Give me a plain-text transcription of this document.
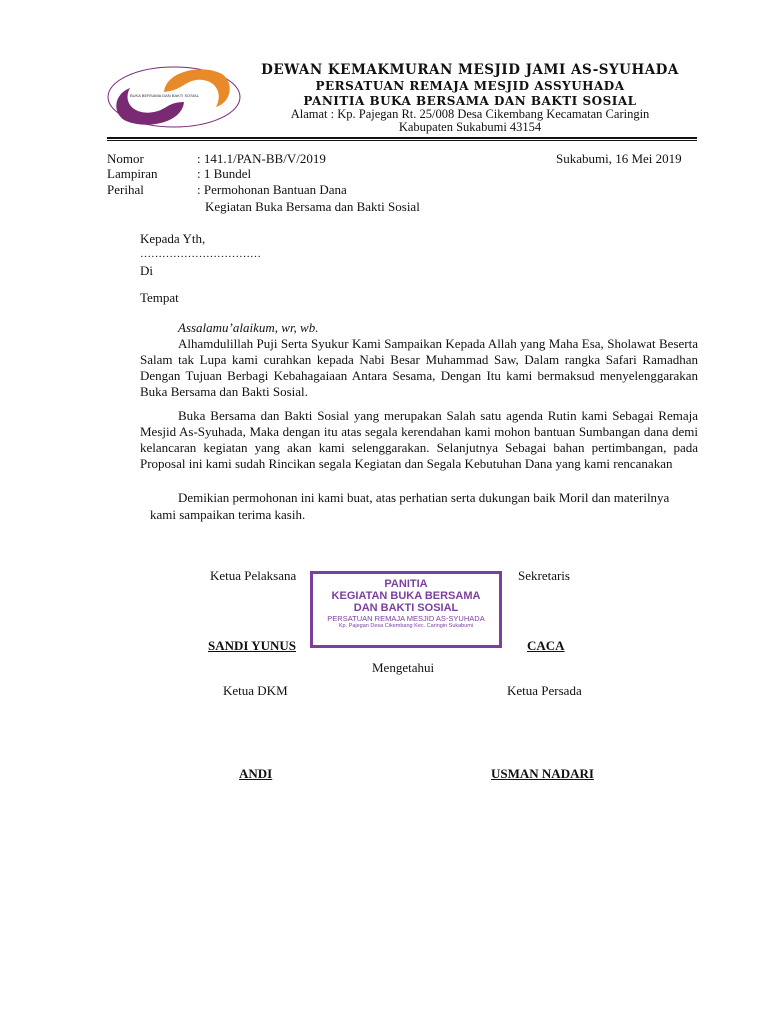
BUKA BERSAMA DAN BAKTI SOSIAL
DEWAN KEMAKMURAN MESJID JAMI AS-SYUHADA
PERSATUAN REMAJA MESJID ASSYUHADA
PANITIA BUKA BERSAMA DAN BAKTI SOSIAL
Alamat : Kp. Pajegan Rt. 25/008 Desa Cikembang Kecamatan Caringin
Kabupaten Sukabumi 43154
Nomor	: 141.1/PAN-BB/V/2019	Sukabumi, 16 Mei 2019
Lampiran	: 1 Bundel
Perihal	: Permohonan Bantuan Dana
Kegiatan Buka Bersama dan Bakti Sosial
Kepada Yth,
……………………………
Di
Tempat
Assalamu’alaikum, wr, wb.
Alhamdulillah Puji Serta Syukur Kami Sampaikan Kepada Allah yang Maha Esa, Sholawat Beserta Salam tak Lupa kami curahkan kepada Nabi Besar Muhammad Saw, Dalam rangka Safari Ramadhan Dengan Tujuan Berbagi Kebahagaiaan Antara Sesama, Dengan Itu kami bermaksud menyelenggarakan Buka Bersama dan Bakti Sosial.
Buka Bersama dan Bakti Sosial yang merupakan Salah satu agenda Rutin kami Sebagai Remaja Mesjid As-Syuhada, Maka dengan itu atas segala kerendahan kami mohon bantuan Sumbangan dana demi kelancaran kegiatan yang akan kami selenggarakan. Selanjutnya Sebagai bahan pertimbangan, pada Proposal ini kami sudah Rincikan segala Kegiatan dan Segala Kebutuhan Dana yang kami rencanakan
Demikian permohonan ini kami buat, atas perhatian serta dukungan baik Moril dan materilnya
kami sampaikan terima kasih.
Ketua Pelaksana	Sekretaris
PANITIA
KEGIATAN BUKA BERSAMA
DAN BAKTI SOSIAL
PERSATUAN REMAJA MESJID AS-SYUHADA
Kp. Pajegan Desa Cikembang Kec. Caringin Sukabumi
SANDI YUNUS	CACA
Mengetahui
Ketua DKM	Ketua Persada
ANDI	USMAN NADARI
